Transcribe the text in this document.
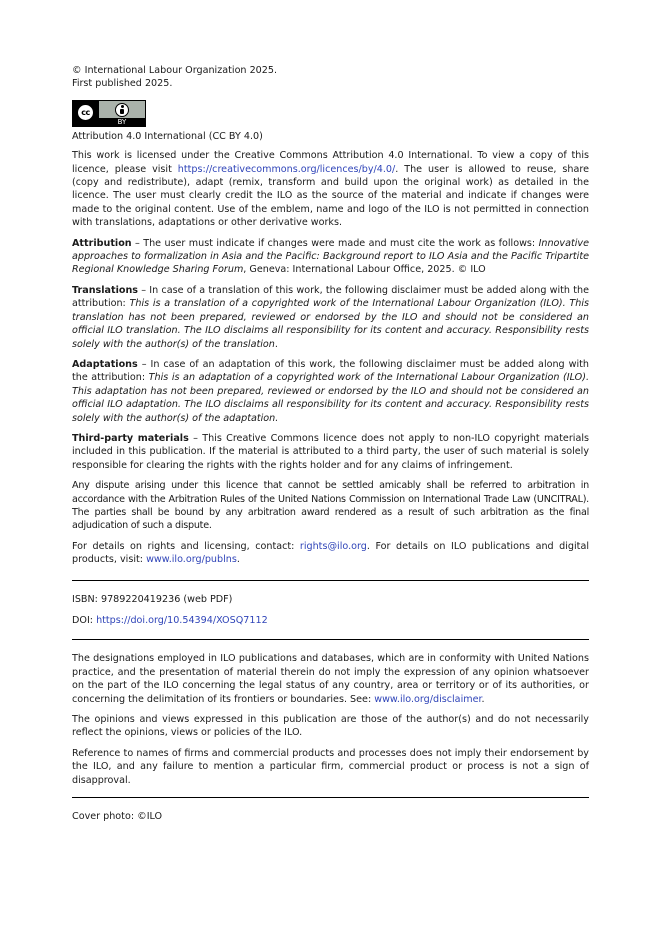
© International Labour Organization 2025.
First published 2025.
cc
BY

Attribution 4.0 International (CC BY 4.0)

This work is licensed under the Creative Commons Attribution 4.0 International. To view a copy of this licence, please visit https://creativecommons.org/licences/by/4.0/. The user is allowed to reuse, share (copy and redistribute), adapt (remix, transform and build upon the original work) as detailed in the licence. The user must clearly credit the ILO as the source of the material and indicate if changes were made to the original content. Use of the emblem, name and logo of the ILO is not permitted in connection with translations, adaptations or other derivative works.

Attribution – The user must indicate if changes were made and must cite the work as follows: Innovative approaches to formalization in Asia and the Pacific: Background report to ILO Asia and the Pacific Tripartite Regional Knowledge Sharing Forum, Geneva: International Labour Office, 2025. © ILO

Translations – In case of a translation of this work, the following disclaimer must be added along with the attribution: This is a translation of a copyrighted work of the International Labour Organization (ILO). This translation has not been prepared, reviewed or endorsed by the ILO and should not be considered an official ILO translation. The ILO disclaims all responsibility for its content and accuracy. Responsibility rests solely with the author(s) of the translation.

Adaptations – In case of an adaptation of this work, the following disclaimer must be added along with the attribution: This is an adaptation of a copyrighted work of the International Labour Organization (ILO). This adaptation has not been prepared, reviewed or endorsed by the ILO and should not be considered an official ILO adaptation. The ILO disclaims all responsibility for its content and accuracy. Responsibility rests solely with the author(s) of the adaptation.

Third-party materials – This Creative Commons licence does not apply to non-ILO copyright materials included in this publication. If the material is attributed to a third party, the user of such material is solely responsible for clearing the rights with the rights holder and for any claims of infringement.

Any dispute arising under this licence that cannot be settled amicably shall be referred to arbitration in accordance with the Arbitration Rules of the United Nations Commission on International Trade Law (UNCITRAL). The parties shall be bound by any arbitration award rendered as a result of such arbitration as the final adjudication of such a dispute.

For details on rights and licensing, contact: rights@ilo.org. For details on ILO publications and digital products, visit: www.ilo.org/publns.

ISBN: 9789220419236 (web PDF)

DOI: https://doi.org/10.54394/XOSQ7112

The designations employed in ILO publications and databases, which are in conformity with United Nations practice, and the presentation of material therein do not imply the expression of any opinion whatsoever on the part of the ILO concerning the legal status of any country, area or territory or of its authorities, or concerning the delimitation of its frontiers or boundaries. See: www.ilo.org/disclaimer.

The opinions and views expressed in this publication are those of the author(s) and do not necessarily reflect the opinions, views or policies of the ILO.

Reference to names of firms and commercial products and processes does not imply their endorsement by the ILO, and any failure to mention a particular firm, commercial product or process is not a sign of disapproval.

Cover photo: ©ILO
